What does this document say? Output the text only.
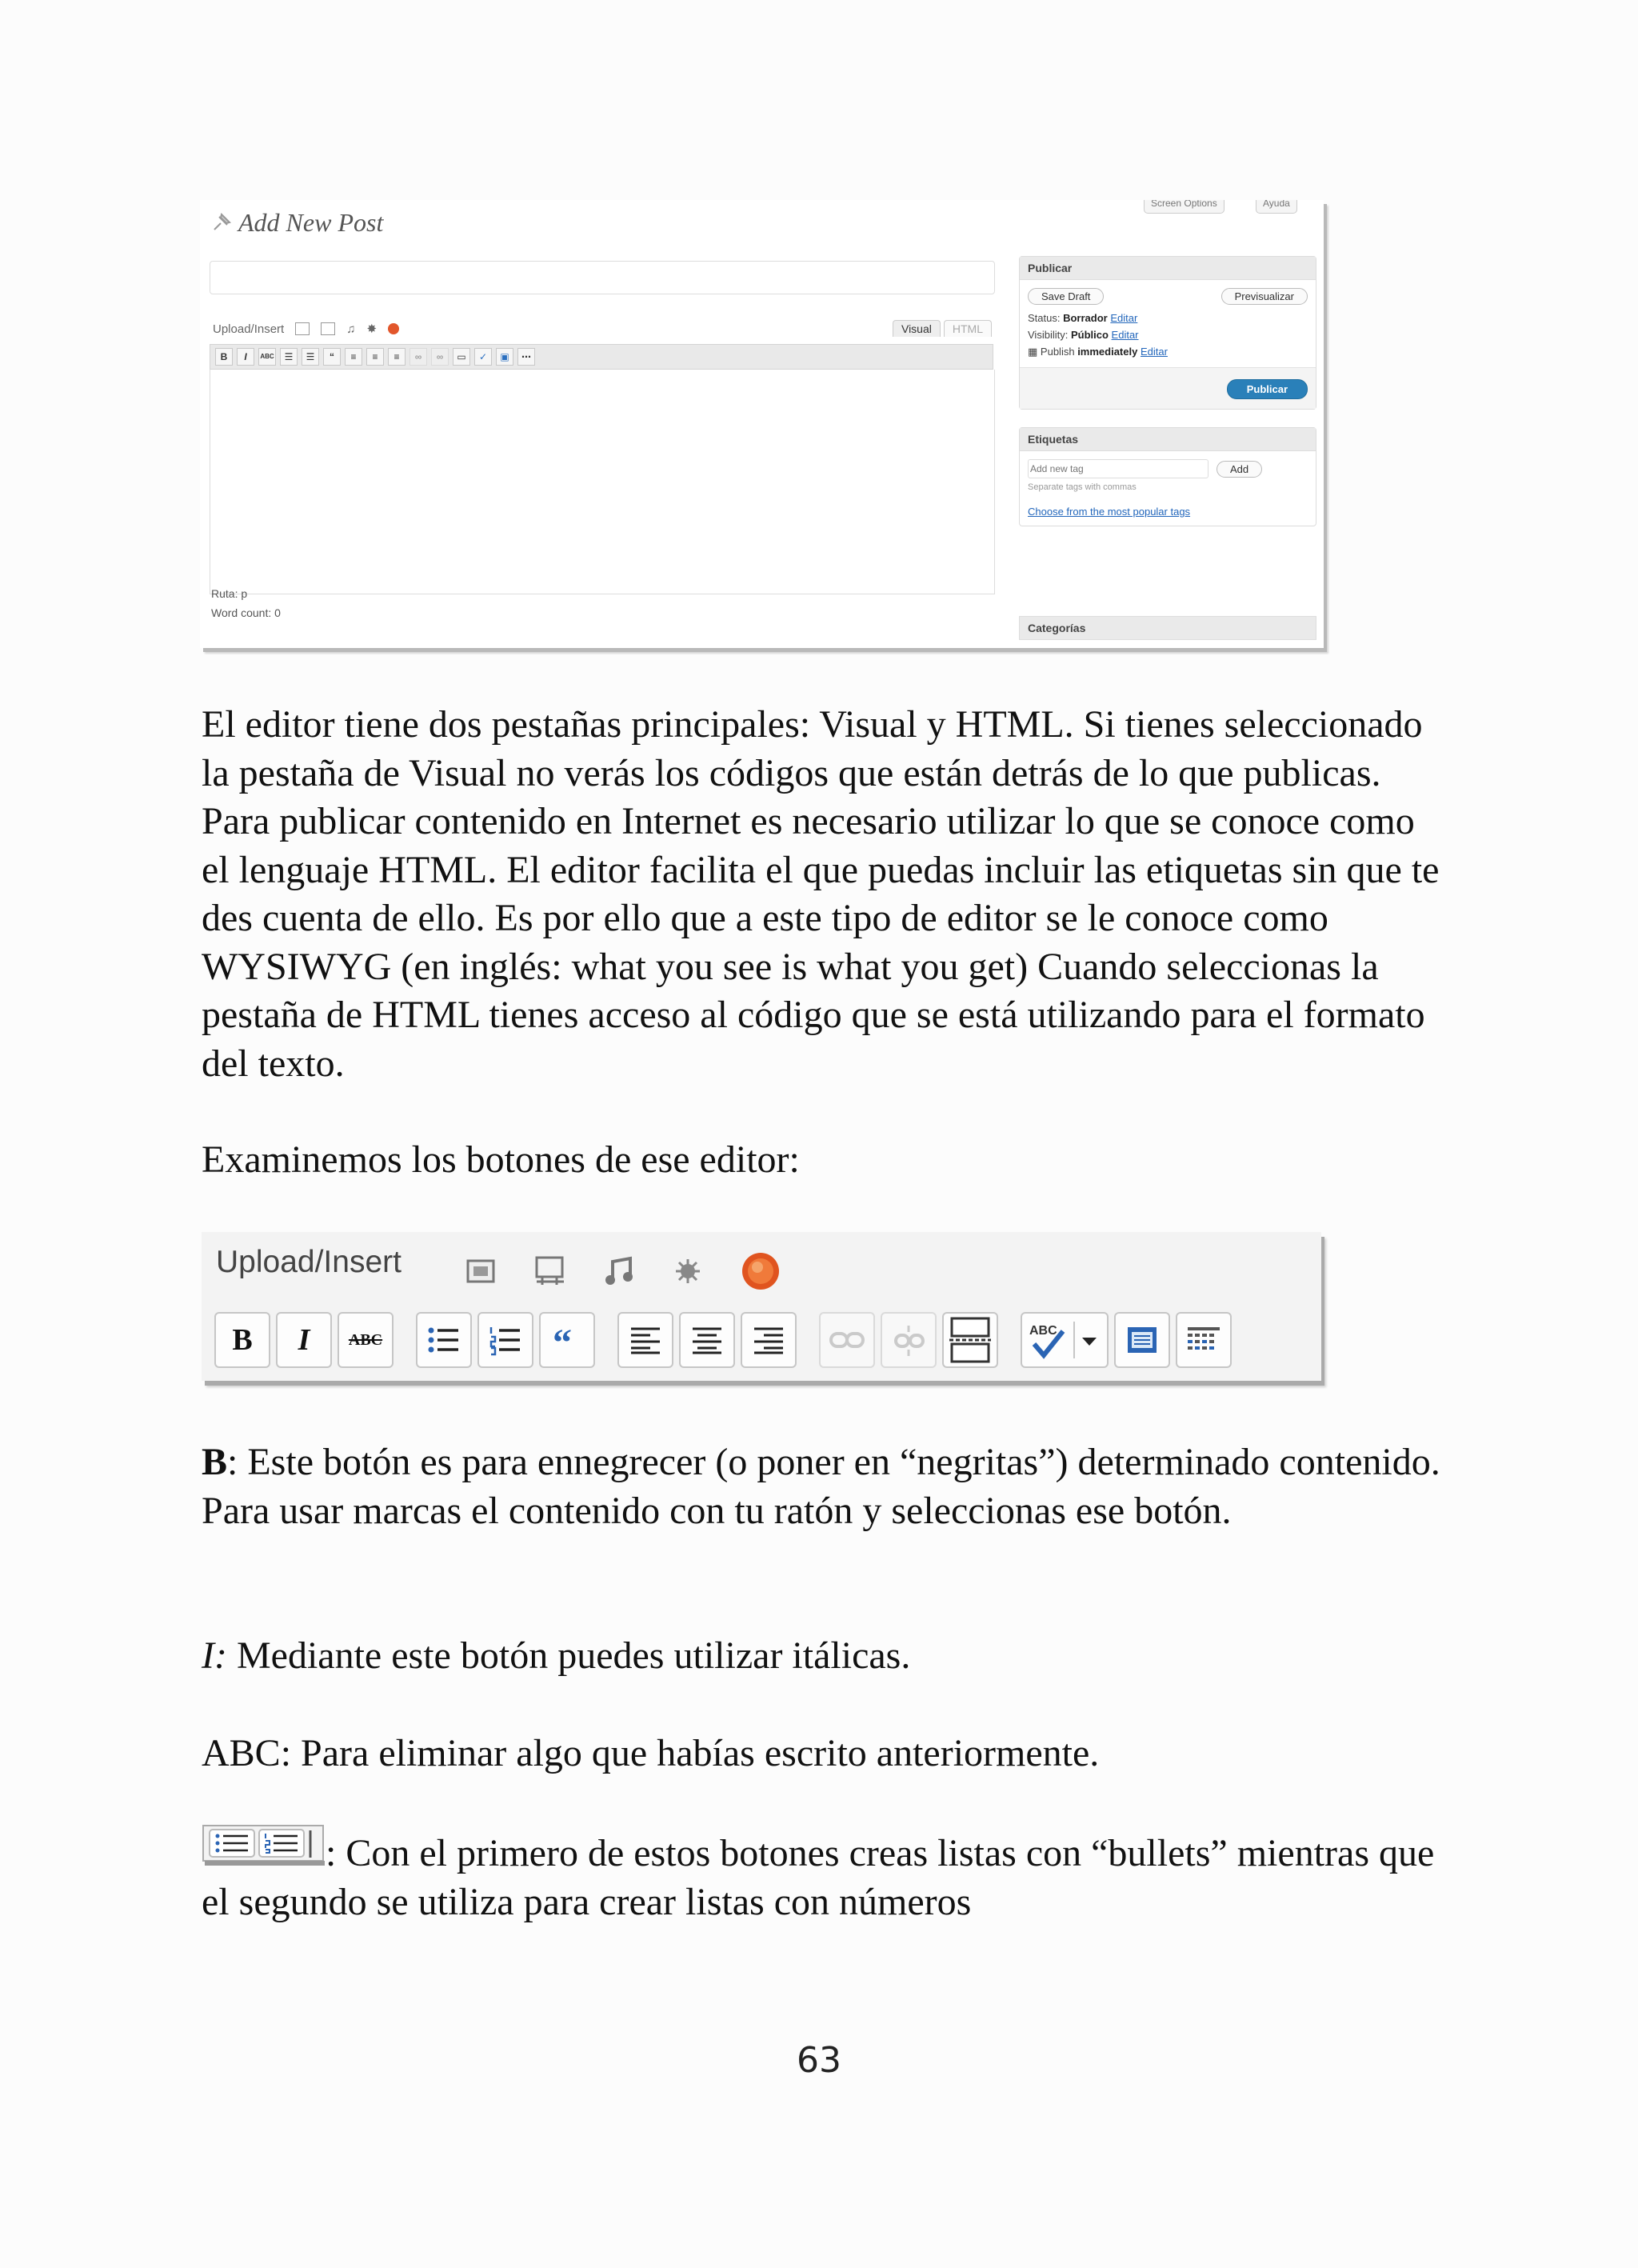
Screen Options	Ayuda
Add New Post
Upload/Insert	♫ ✸	Visual	HTML
B	I	ABC	☰	☰	“	≡	≡	≡	∞	∞	▭	✓	▣	⋯
Ruta: p
Word count: 0
Publicar
Save Draft	Previsualizar
Status: Borrador Editar
Visibility: Público Editar
▦ Publish immediately Editar
Publicar
Etiquetas
Add new tag
Add
Separate tags with commas
Choose from the most popular tags
Categorías

El editor tiene dos pestañas principales: Visual y HTML. Si tienes seleccionado la pestaña de Visual no verás los códigos que están detrás de lo que publicas. Para publicar contenido en Internet es necesario utilizar lo que se conoce como el lenguaje HTML. El editor facilita el que puedas incluir las etiquetas sin que te des cuenta de ello. Es por ello que a este tipo de editor se le conoce como WYSIWYG (en inglés: what you see is what you get) Cuando seleccionas la pestaña de HTML tienes acceso al código que se está utilizando para el formato del texto.

Examinemos los botones de ese editor:

Upload/Insert
B I ABC	“	ABC

B: Este botón es para ennegrecer (o poner en “negritas”) determinado contenido. Para usar marcas el contenido con tu ratón y seleccionas ese botón.

I: Mediante este botón puedes utilizar itálicas.

ABC: Para eliminar algo que habías escrito anteriormente.

: Con el primero de estos botones creas listas con “bullets” mientras que el segundo se utiliza para crear listas con números

63
